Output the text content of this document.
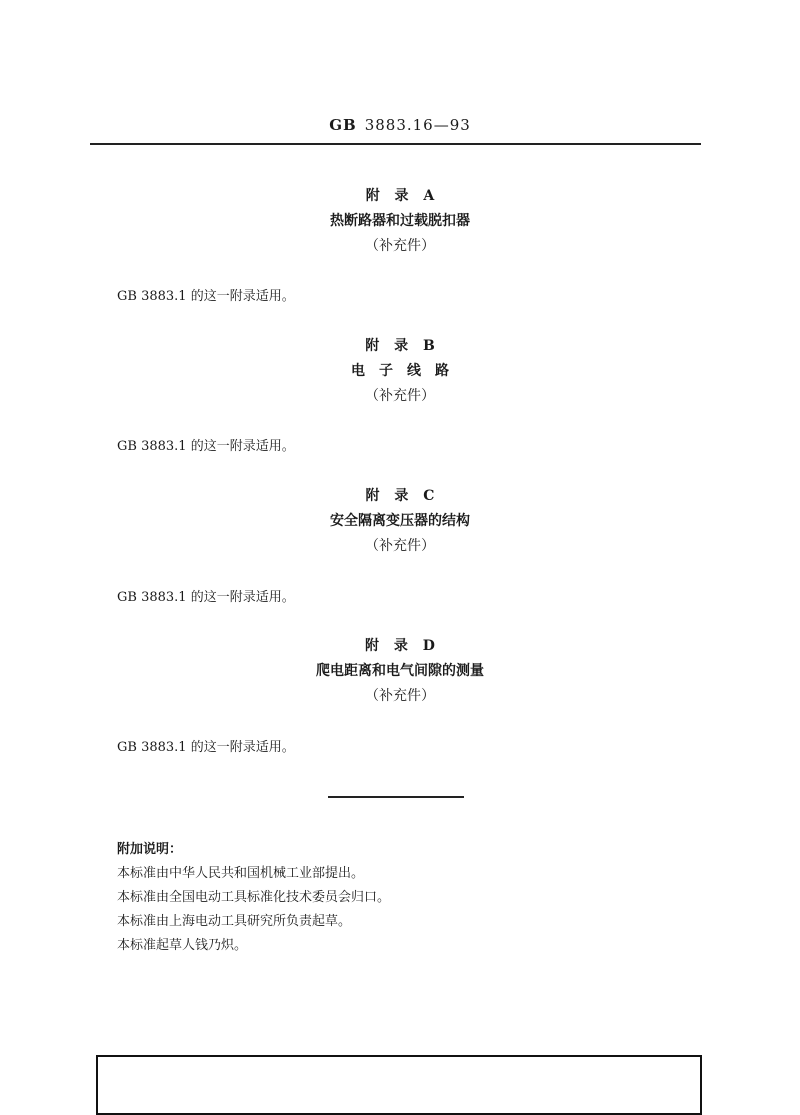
GB 3883.16—93
附 录 A
热断路器和过载脱扣器
（补充件）
GB 3883.1 的这一附录适用。
附 录 B
电子线路
（补充件）
GB 3883.1 的这一附录适用。
附 录 C
安全隔离变压器的结构
（补充件）
GB 3883.1 的这一附录适用。
附 录 D
爬电距离和电气间隙的测量
（补充件）
GB 3883.1 的这一附录适用。
附加说明：
本标准由中华人民共和国机械工业部提出。
本标准由全国电动工具标准化技术委员会归口。
本标准由上海电动工具研究所负责起草。
本标准起草人钱乃炽。
